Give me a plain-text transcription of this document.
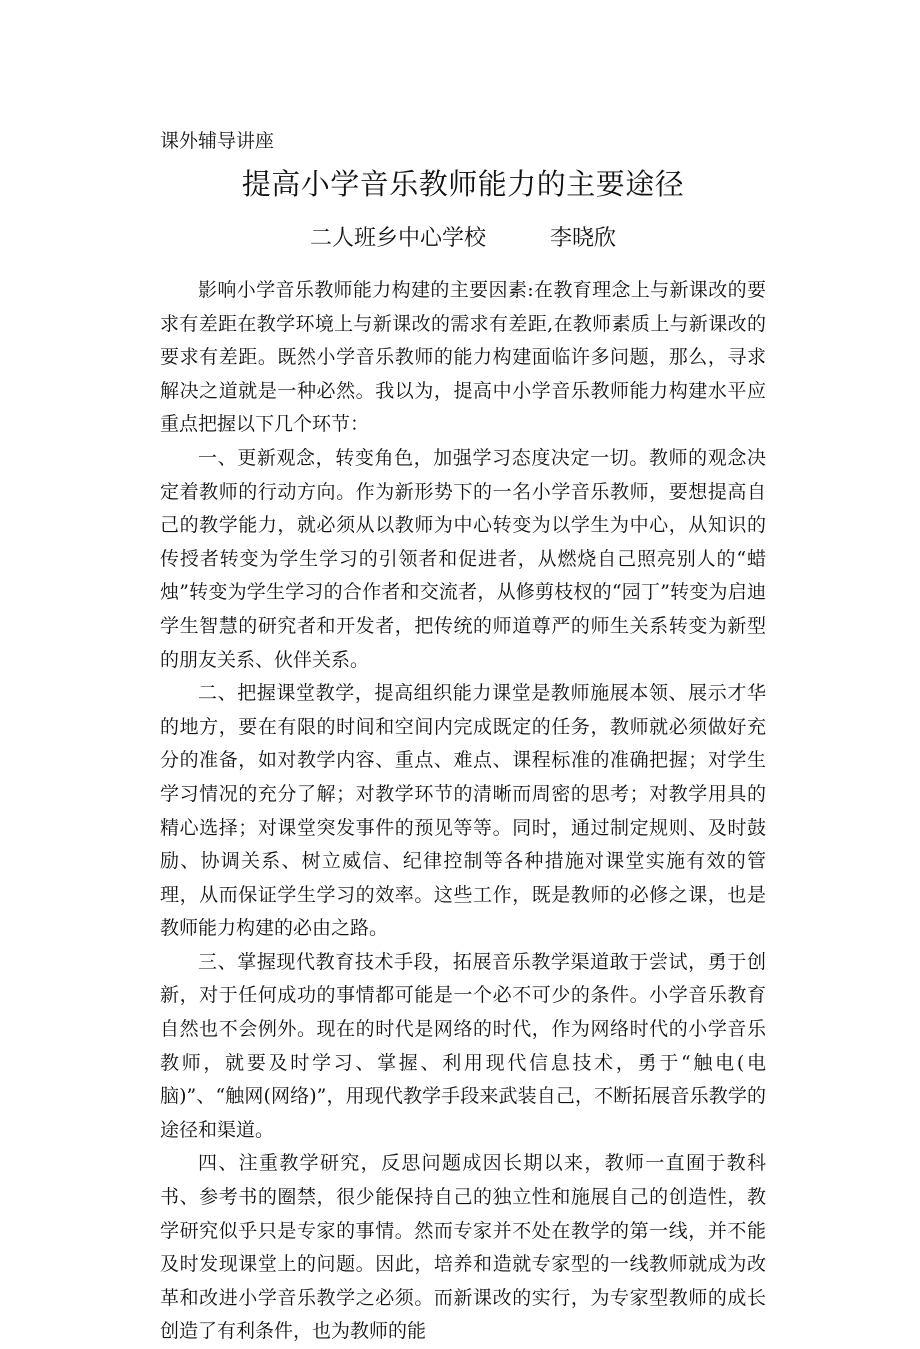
课外辅导讲座

提高小学音乐教师能力的主要途径

二人班乡中心学校	李晓欣

影响小学音乐教师能力构建的主要因素:在教育理念上与新课改的要求有差距在教学环境上与新课改的需求有差距,在教师素质上与新课改的要求有差距。既然小学音乐教师的能力构建面临许多问题，那么，寻求解决之道就是一种必然。我以为，提高中小学音乐教师能力构建水平应重点把握以下几个环节：

一、更新观念，转变角色，加强学习态度决定一切。教师的观念决定着教师的行动方向。作为新形势下的一名小学音乐教师，要想提高自己的教学能力，就必须从以教师为中心转变为以学生为中心，从知识的传授者转变为学生学习的引领者和促进者，从燃烧自己照亮别人的“蜡烛”转变为学生学习的合作者和交流者，从修剪枝杈的“园丁”转变为启迪学生智慧的研究者和开发者，把传统的师道尊严的师生关系转变为新型的朋友关系、伙伴关系。

二、把握课堂教学，提高组织能力课堂是教师施展本领、展示才华的地方，要在有限的时间和空间内完成既定的任务，教师就必须做好充分的准备，如对教学内容、重点、难点、课程标准的准确把握；对学生学习情况的充分了解；对教学环节的清晰而周密的思考；对教学用具的精心选择；对课堂突发事件的预见等等。同时，通过制定规则、及时鼓励、协调关系、树立威信、纪律控制等各种措施对课堂实施有效的管理，从而保证学生学习的效率。这些工作，既是教师的必修之课，也是教师能力构建的必由之路。

三、掌握现代教育技术手段，拓展音乐教学渠道敢于尝试，勇于创新，对于任何成功的事情都可能是一个必不可少的条件。小学音乐教育自然也不会例外。现在的时代是网络的时代，作为网络时代的小学音乐教师，就要及时学习、掌握、利用现代信息技术，勇于“触电(电脑)”、“触网(网络)”，用现代教学手段来武装自己，不断拓展音乐教学的途径和渠道。

四、注重教学研究，反思问题成因长期以来，教师一直囿于教科书、参考书的圈禁，很少能保持自己的独立性和施展自己的创造性，教学研究似乎只是专家的事情。然而专家并不处在教学的第一线，并不能及时发现课堂上的问题。因此，培养和造就专家型的一线教师就成为改革和改进小学音乐教学之必须。而新课改的实行，为专家型教师的成长创造了有利条件，也为教师的能
